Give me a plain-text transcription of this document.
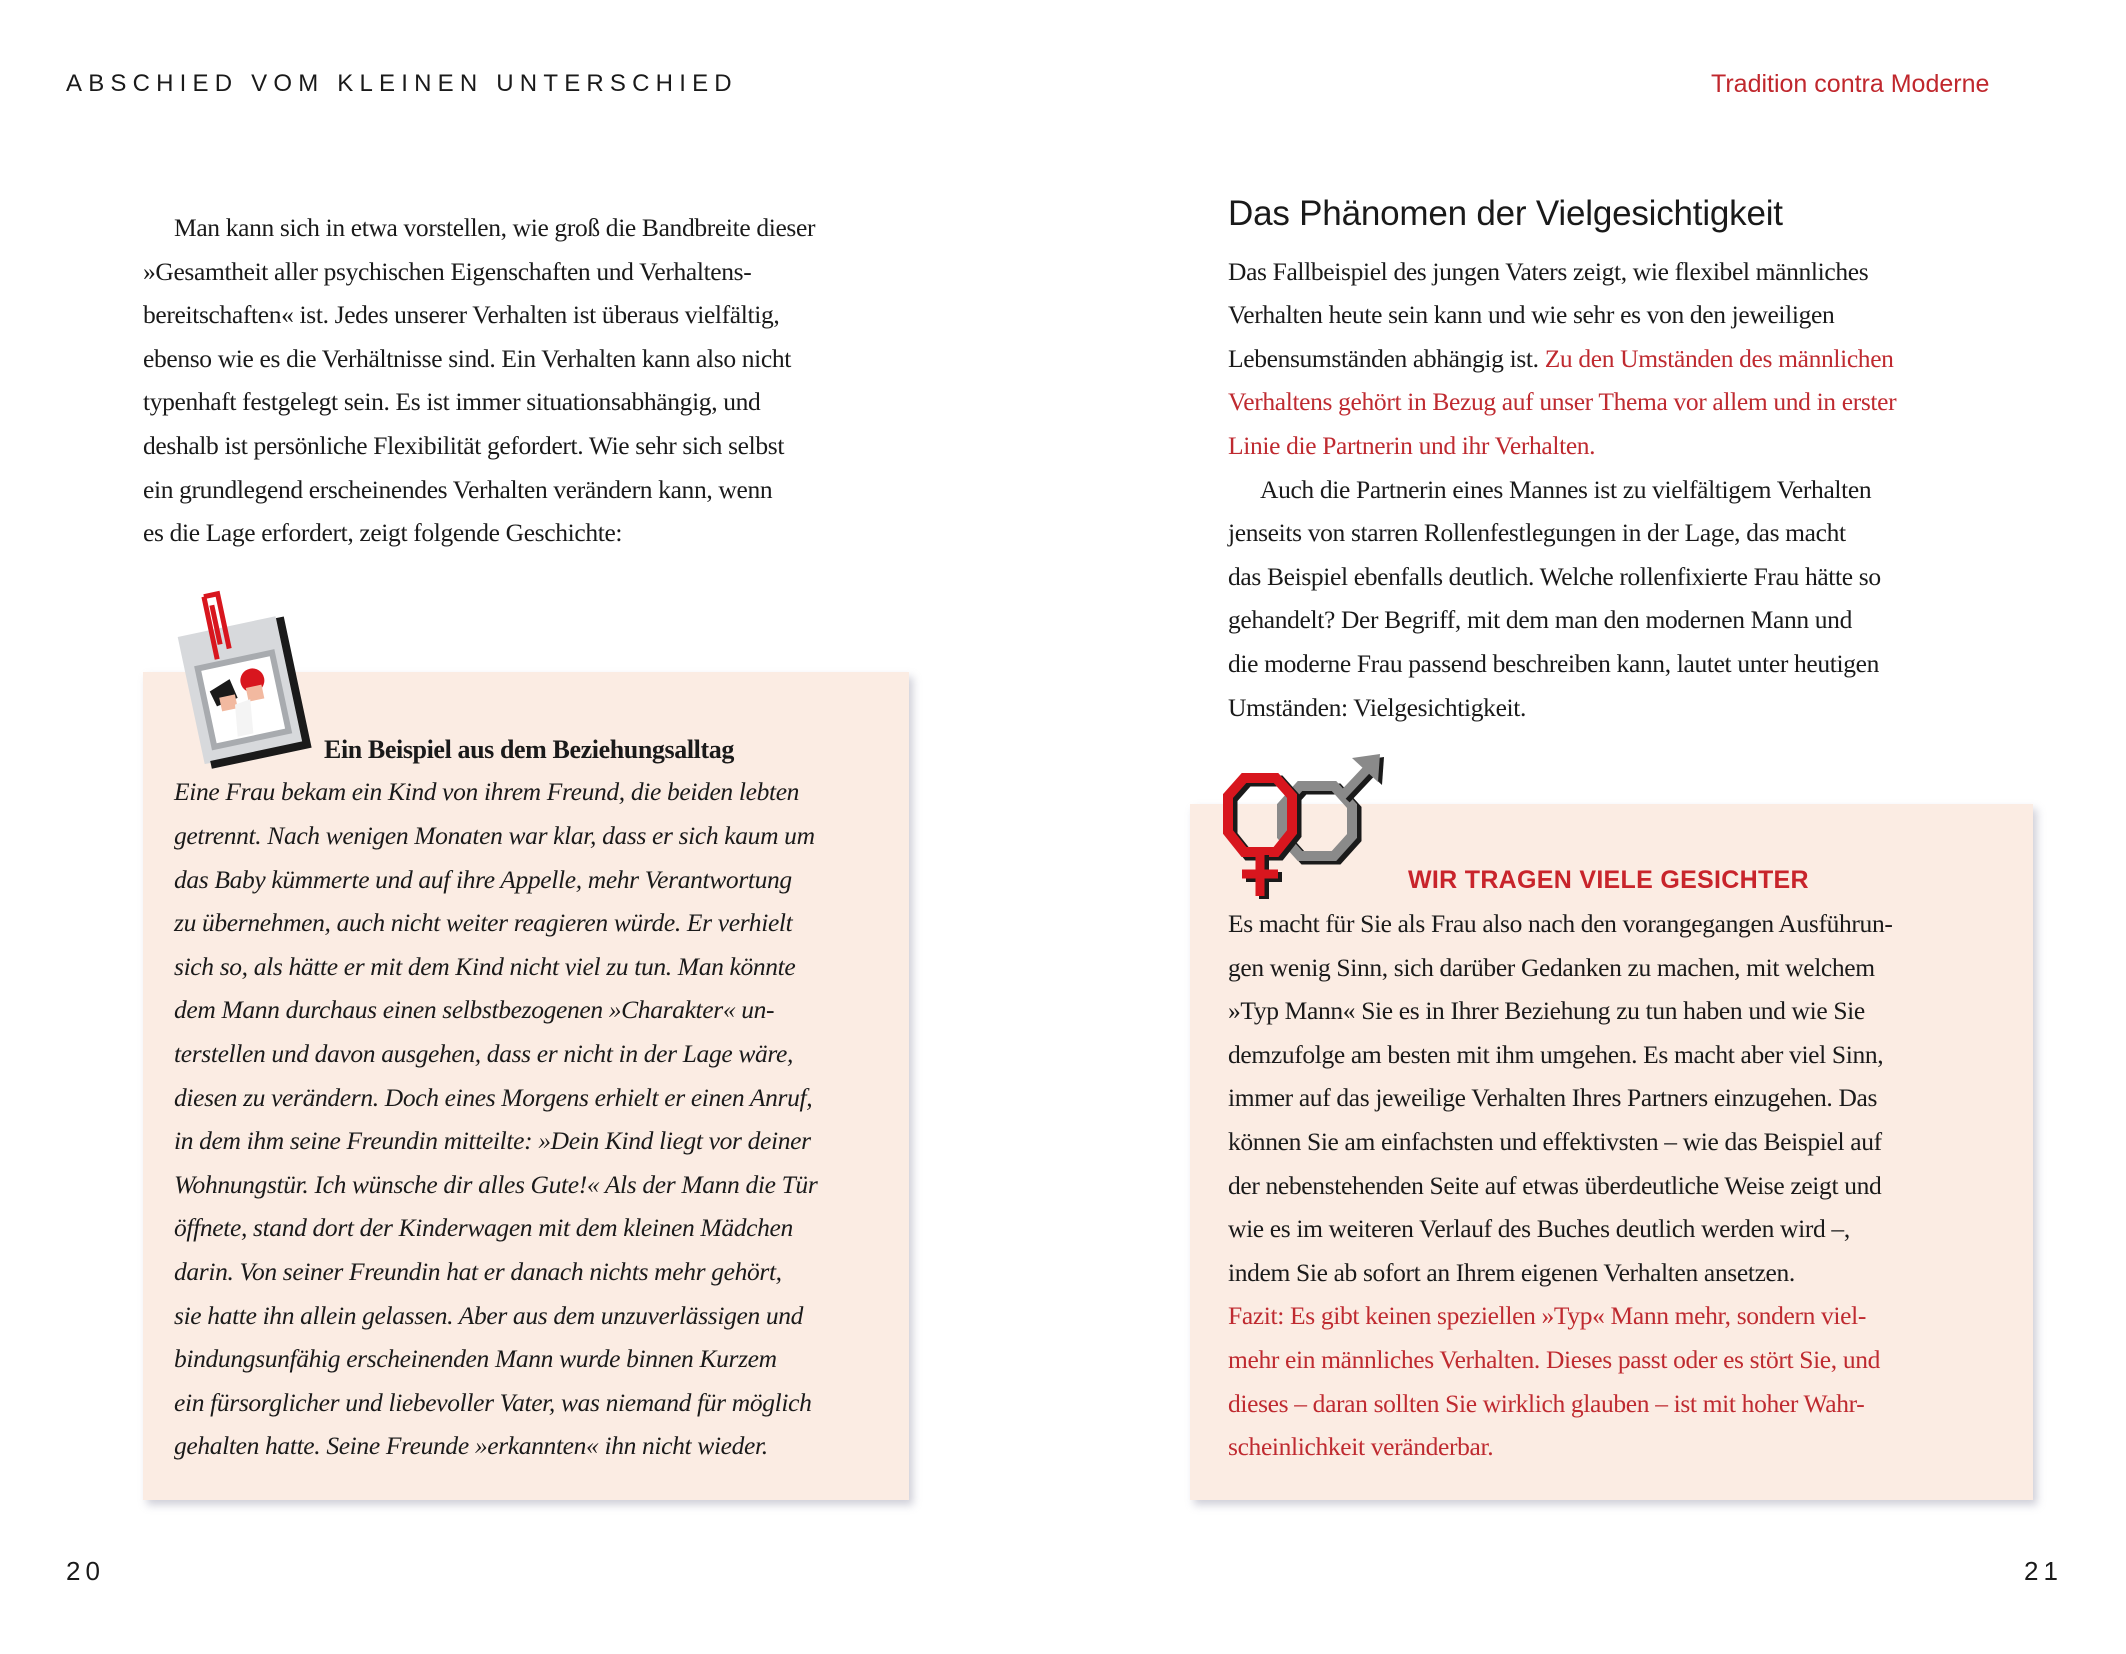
ABSCHIED VOM KLEINEN UNTERSCHIED	Tradition contra Moderne
Man kann sich in etwa vorstellen, wie groß die Bandbreite dieser
»Gesamtheit aller psychischen Eigenschaften und Verhaltens-
bereitschaften« ist. Jedes unserer Verhalten ist überaus vielfältig,
ebenso wie es die Verhältnisse sind. Ein Verhalten kann also nicht
typenhaft festgelegt sein. Es ist immer situationsabhängig, und
deshalb ist persönliche Flexibilität gefordert. Wie sehr sich selbst
ein grundlegend erscheinendes Verhalten verändern kann, wenn
es die Lage erfordert, zeigt folgende Geschichte:
Ein Beispiel aus dem Beziehungsalltag
Eine Frau bekam ein Kind von ihrem Freund, die beiden lebten
getrennt. Nach wenigen Monaten war klar, dass er sich kaum um
das Baby kümmerte und auf ihre Appelle, mehr Verantwortung
zu übernehmen, auch nicht weiter reagieren würde. Er verhielt
sich so, als hätte er mit dem Kind nicht viel zu tun. Man könnte
dem Mann durchaus einen selbstbezogenen »Charakter« un-
terstellen und davon ausgehen, dass er nicht in der Lage wäre,
diesen zu verändern. Doch eines Morgens erhielt er einen Anruf,
in dem ihm seine Freundin mitteilte: »Dein Kind liegt vor deiner
Wohnungstür. Ich wünsche dir alles Gute!« Als der Mann die Tür
öffnete, stand dort der Kinderwagen mit dem kleinen Mädchen
darin. Von seiner Freundin hat er danach nichts mehr gehört,
sie hatte ihn allein gelassen. Aber aus dem unzuverlässigen und
bindungsunfähig erscheinenden Mann wurde binnen Kurzem
ein fürsorglicher und liebevoller Vater, was niemand für möglich
gehalten hatte. Seine Freunde »erkannten« ihn nicht wieder.
20
Das Phänomen der Vielgesichtigkeit
Das Fallbeispiel des jungen Vaters zeigt, wie flexibel männliches
Verhalten heute sein kann und wie sehr es von den jeweiligen
Lebensumständen abhängig ist. Zu den Umständen des männlichen
Verhaltens gehört in Bezug auf unser Thema vor allem und in erster
Linie die Partnerin und ihr Verhalten.
Auch die Partnerin eines Mannes ist zu vielfältigem Verhalten
jenseits von starren Rollenfestlegungen in der Lage, das macht
das Beispiel ebenfalls deutlich. Welche rollenfixierte Frau hätte so
gehandelt? Der Begriff, mit dem man den modernen Mann und
die moderne Frau passend beschreiben kann, lautet unter heutigen
Umständen: Vielgesichtigkeit.
WIR TRAGEN VIELE GESICHTER
Es macht für Sie als Frau also nach den vorangegangen Ausführun-
gen wenig Sinn, sich darüber Gedanken zu machen, mit welchem
»Typ Mann« Sie es in Ihrer Beziehung zu tun haben und wie Sie
demzufolge am besten mit ihm umgehen. Es macht aber viel Sinn,
immer auf das jeweilige Verhalten Ihres Partners einzugehen. Das
können Sie am einfachsten und effektivsten – wie das Beispiel auf
der nebenstehenden Seite auf etwas überdeutliche Weise zeigt und
wie es im weiteren Verlauf des Buches deutlich werden wird –,
indem Sie ab sofort an Ihrem eigenen Verhalten ansetzen.
Fazit: Es gibt keinen speziellen »Typ« Mann mehr, sondern viel-
mehr ein männliches Verhalten. Dieses passt oder es stört Sie, und
dieses – daran sollten Sie wirklich glauben – ist mit hoher Wahr-
scheinlichkeit veränderbar.
21
